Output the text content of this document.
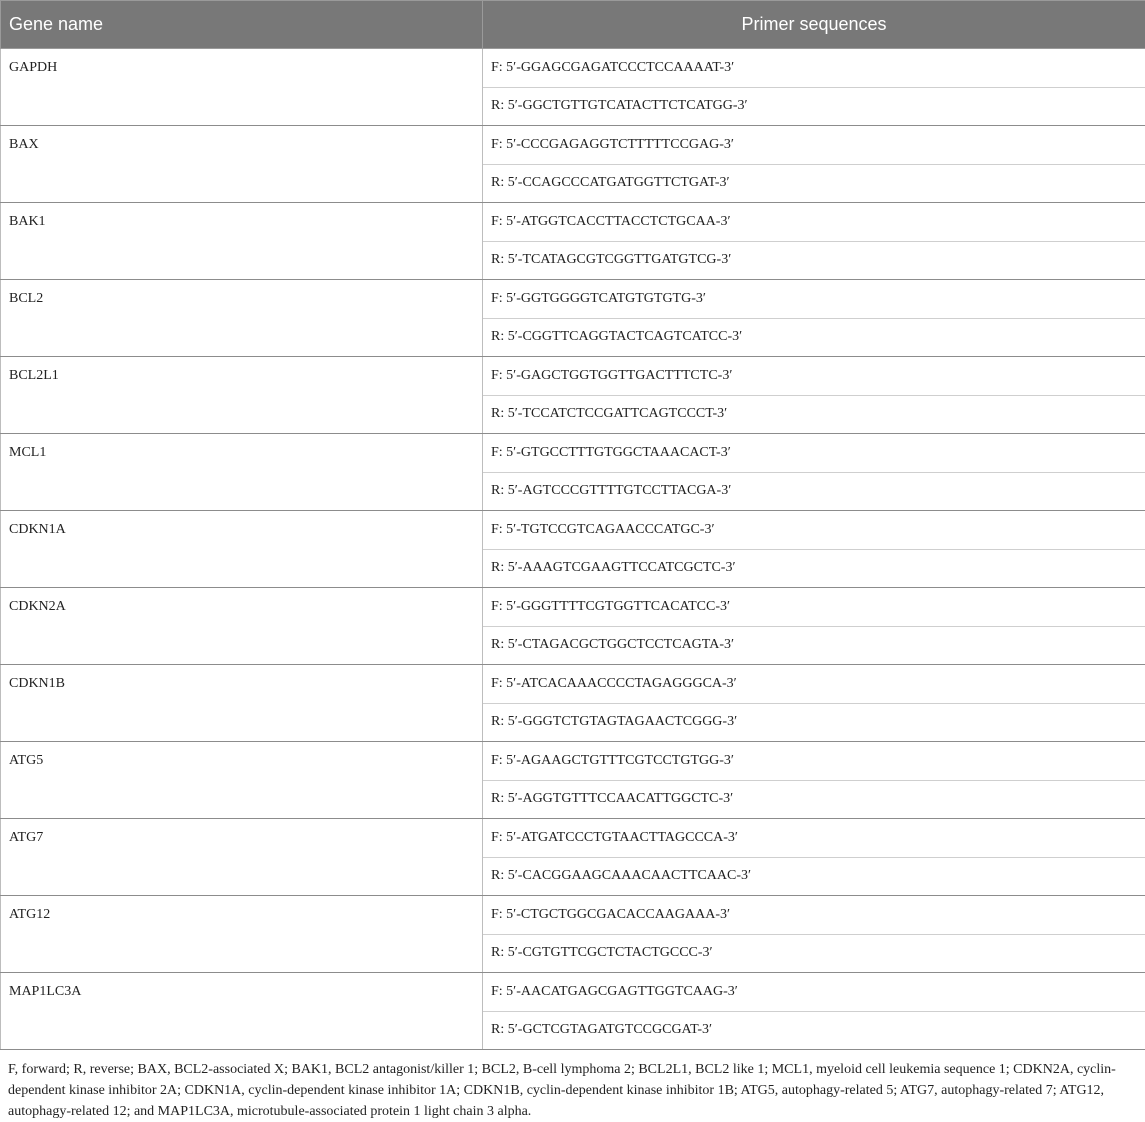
Gene name	Primer sequences
GAPDH	F: 5′-GGAGCGAGATCCCTCCAAAAT-3′
	R: 5′-GGCTGTTGTCATACTTCTCATGG-3′
BAX	F: 5′-CCCGAGAGGTCTTTTTCCGAG-3′
	R: 5′-CCAGCCCATGATGGTTCTGAT-3′
BAK1	F: 5′-ATGGTCACCTTACCTCTGCAA-3′
	R: 5′-TCATAGCGTCGGTTGATGTCG-3′
BCL2	F: 5′-GGTGGGGTCATGTGTGTG-3′
	R: 5′-CGGTTCAGGTACTCAGTCATCC-3′
BCL2L1	F: 5′-GAGCTGGTGGTTGACTTTCTC-3′
	R: 5′-TCCATCTCCGATTCAGTCCCT-3′
MCL1	F: 5′-GTGCCTTTGTGGCTAAACACT-3′
	R: 5′-AGTCCCGTTTTGTCCTTACGA-3′
CDKN1A	F: 5′-TGTCCGTCAGAACCCATGC-3′
	R: 5′-AAAGTCGAAGTTCCATCGCTC-3′
CDKN2A	F: 5′-GGGTTTTCGTGGTTCACATCC-3′
	R: 5′-CTAGACGCTGGCTCCTCAGTA-3′
CDKN1B	F: 5′-ATCACAAACCCCTAGAGGGCA-3′
	R: 5′-GGGTCTGTAGTAGAACTCGGG-3′
ATG5	F: 5′-AGAAGCTGTTTCGTCCTGTGG-3′
	R: 5′-AGGTGTTTCCAACATTGGCTC-3′
ATG7	F: 5′-ATGATCCCTGTAACTTAGCCCA-3′
	R: 5′-CACGGAAGCAAACAACTTCAAC-3′
ATG12	F: 5′-CTGCTGGCGACACCAAGAAA-3′
	R: 5′-CGTGTTCGCTCTACTGCCC-3′
MAP1LC3A	F: 5′-AACATGAGCGAGTTGGTCAAG-3′
	R: 5′-GCTCGTAGATGTCCGCGAT-3′
F, forward; R, reverse; BAX, BCL2-associated X; BAK1, BCL2 antagonist/killer 1; BCL2, B-cell lymphoma 2; BCL2L1, BCL2 like 1; MCL1, myeloid cell leukemia sequence 1; CDKN2A, cyclin-dependent kinase inhibitor 2A; CDKN1A, cyclin-dependent kinase inhibitor 1A; CDKN1B, cyclin-dependent kinase inhibitor 1B; ATG5, autophagy-related 5; ATG7, autophagy-related 7; ATG12, autophagy-related 12; and MAP1LC3A, microtubule-associated protein 1 light chain 3 alpha.
